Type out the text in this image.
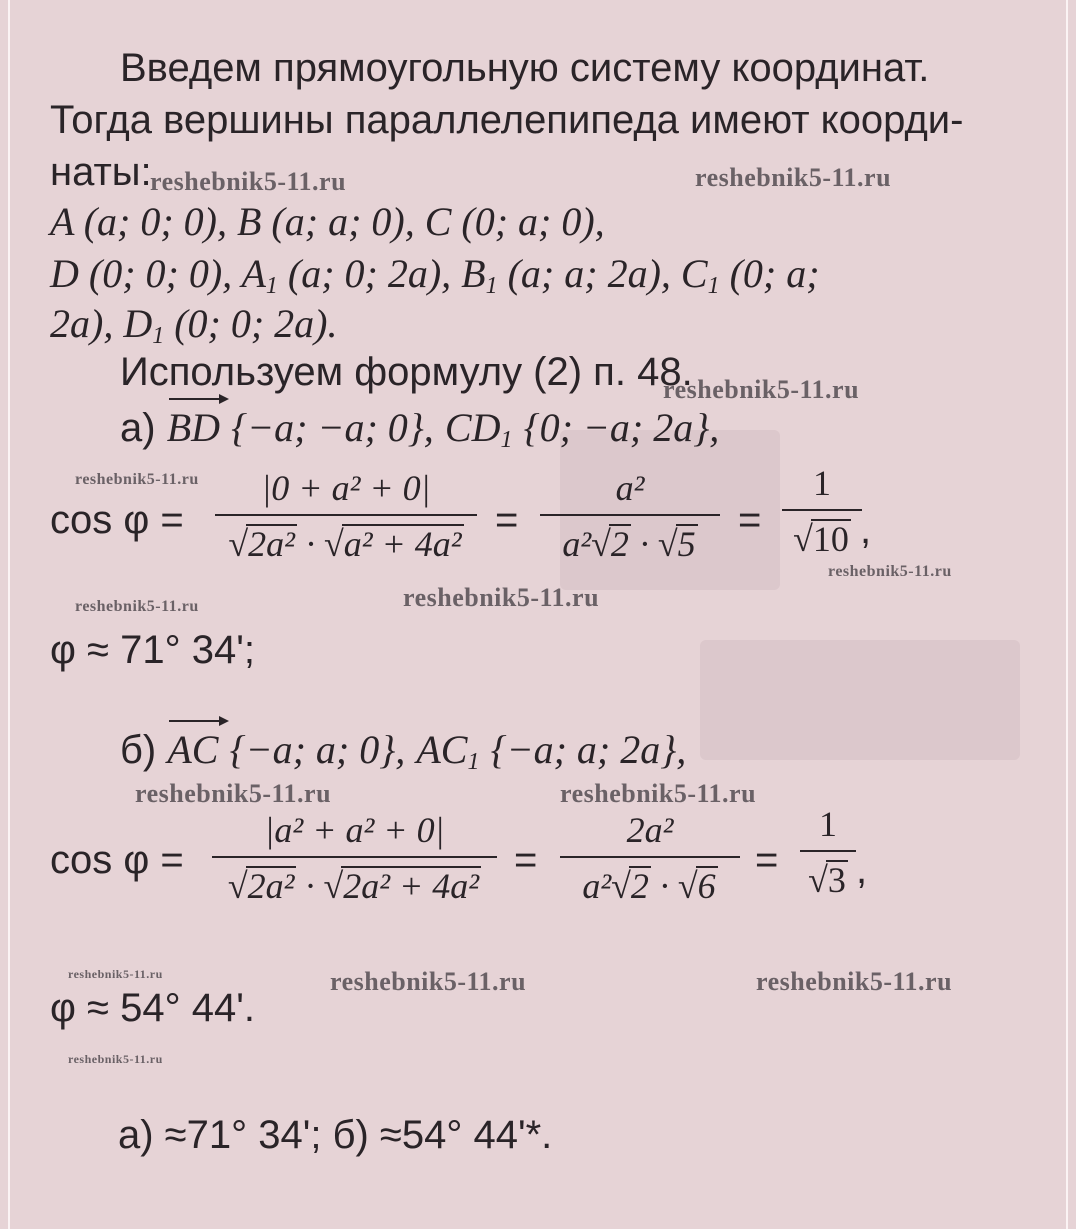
Введем прямоугольную систему координат.
Тогда вершины параллелепипеда имеют коорди-
наты:
A (a; 0; 0), B (a; a; 0), C (0; a; 0),
D (0; 0; 0), $A_1$ (a; 0; 2a), $B_1$ (a; a; 2a), $C_1$ (0; a;
2a), $D_1$ (0; 0; 2a).
Используем формулу (2) п. 48.
а) BD {−a; −a; 0}, $CD_1$ {0; −a; 2a},
cos φ =
|0 + a² + 0|
√2a² · √a² + 4a²
=
a²
a²√2 · √5
=
1
√10 ,
φ ≈ 71° 34';
б) AC {−a; a; 0}, $AC_1$ {−a; a; 2a},
cos φ =
|a² + a² + 0|
√2a² · √2a² + 4a²
=
2a²
a²√2 · √6
=
1
√3 ,
φ ≈ 54° 44'.
а) ≈71° 34'; б) ≈54° 44'*.
reshebnik5-11.ru	reshebnik5-11.ru
reshebnik5-11.ru
reshebnik5-11.ru
reshebnik5-11.ru
reshebnik5-11.ru
reshebnik5-11.ru
reshebnik5-11.ru	reshebnik5-11.ru
reshebnik5-11.ru	reshebnik5-11.ru	reshebnik5-11.ru
reshebnik5-11.ru
